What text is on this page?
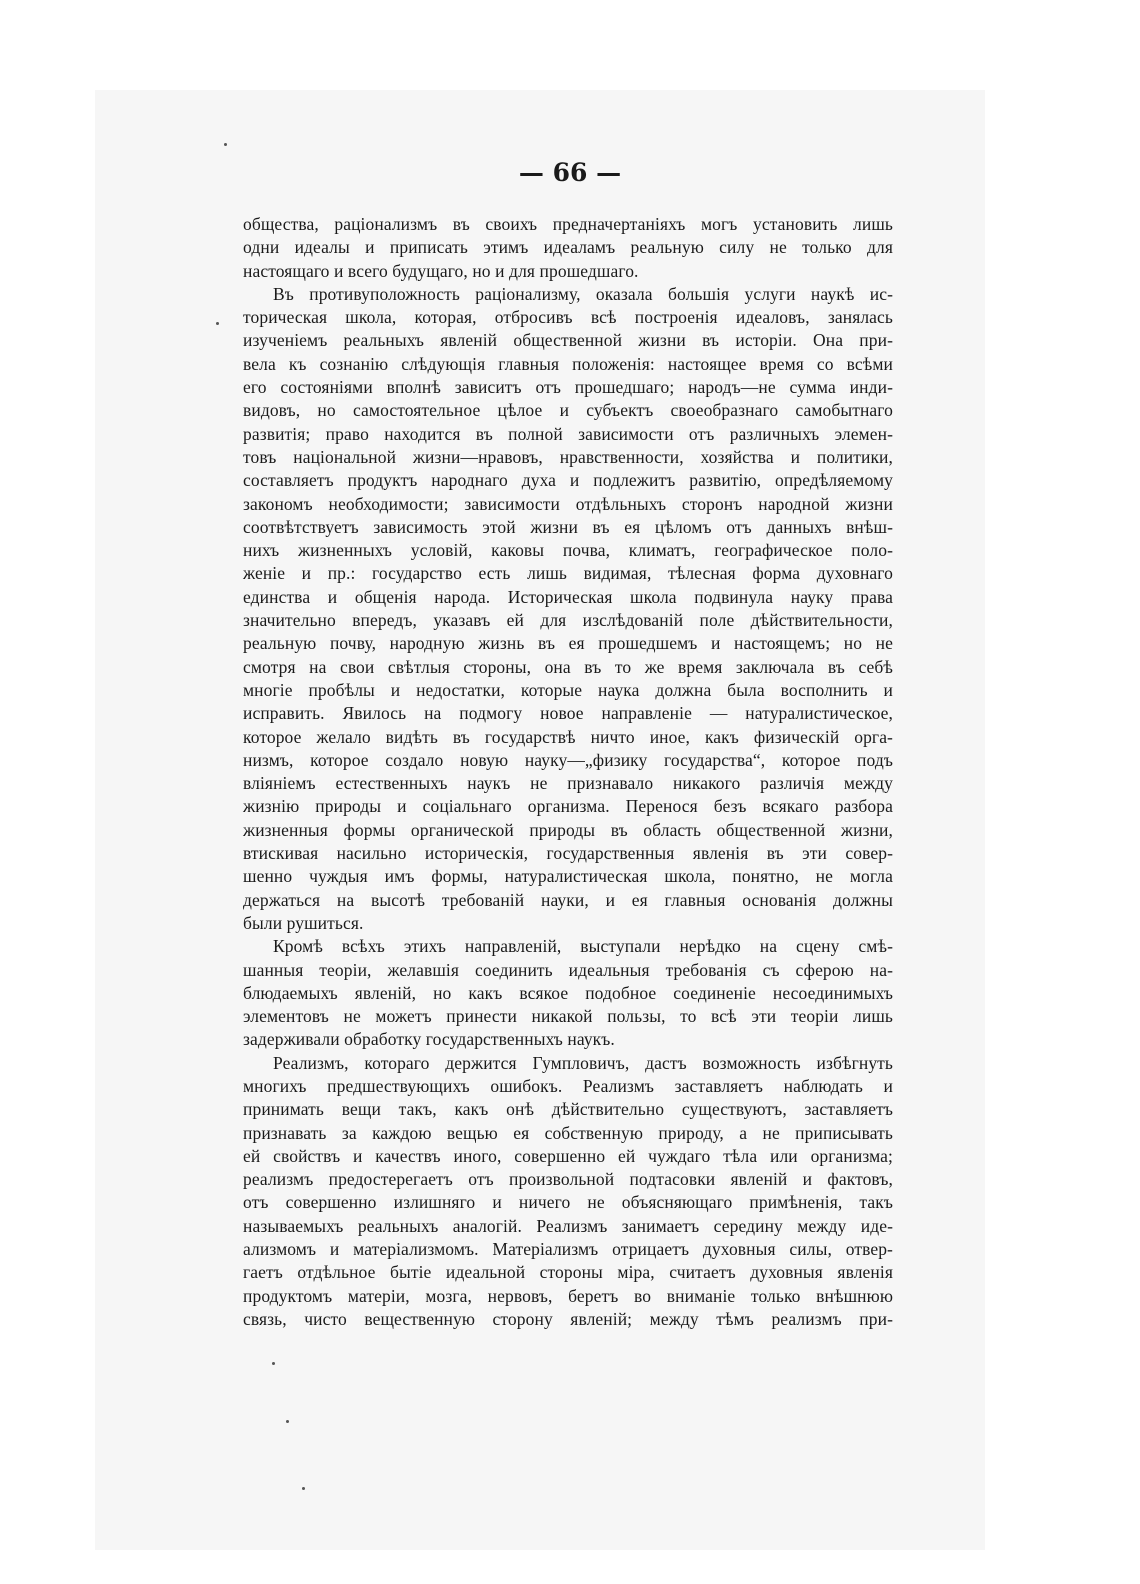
— 66 —
общества, раціонализмъ въ своихъ предначертаніяхъ могъ установить лишь
одни идеалы и приписать этимъ идеаламъ реальную силу не только для
настоящаго и всего будущаго, но и для прошедшаго.
Въ противуположность раціонализму, оказала большія услуги наукѣ ис-
торическая школа, которая, отбросивъ всѣ построенія идеаловъ, занялась
изученіемъ реальныхъ явленій общественной жизни въ исторіи. Она при-
вела къ сознанію слѣдующія главныя положенія: настоящее время со всѣми
его состояніями вполнѣ зависитъ отъ прошедшаго; народъ—не сумма инди-
видовъ, но самостоятельное цѣлое и субъектъ своеобразнаго самобытнаго
развитія; право находится въ полной зависимости отъ различныхъ элемен-
товъ національной жизни—нравовъ, нравственности, хозяйства и политики,
составляетъ продуктъ народнаго духа и подлежитъ развитію, опредѣляемому
закономъ необходимости; зависимости отдѣльныхъ сторонъ народной жизни
соотвѣтствуетъ зависимость этой жизни въ ея цѣломъ отъ данныхъ внѣш-
нихъ жизненныхъ условій, каковы почва, климатъ, географическое поло-
женіе и пр.: государство есть лишь видимая, тѣлесная форма духовнаго
единства и общенія народа. Историческая школа подвинула науку права
значительно впередъ, указавъ ей для изслѣдованій поле дѣйствительности,
реальную почву, народную жизнь въ ея прошедшемъ и настоящемъ; но не
смотря на свои свѣтлыя стороны, она въ то же время заключала въ себѣ
многіе пробѣлы и недостатки, которые наука должна была восполнить и
исправить. Явилось на подмогу новое направленіе — натуралистическое,
которое желало видѣть въ государствѣ ничто иное, какъ физическій орга-
низмъ, которое создало новую науку—„физику государства“, которое подъ
вліяніемъ естественныхъ наукъ не признавало никакого различія между
жизнію природы и соціальнаго организма. Перенося безъ всякаго разбора
жизненныя формы органической природы въ область общественной жизни,
втискивая насильно историческія, государственныя явленія въ эти совер-
шенно чуждыя имъ формы, натуралистическая школа, понятно, не могла
держаться на высотѣ требованій науки, и ея главныя основанія должны
были рушиться.
Кромѣ всѣхъ этихъ направленій, выступали нерѣдко на сцену смѣ-
шанныя теоріи, желавшія соединить идеальныя требованія съ сферою на-
блюдаемыхъ явленій, но какъ всякое подобное соединеніе несоединимыхъ
элементовъ не можетъ принести никакой пользы, то всѣ эти теоріи лишь
задерживали обработку государственныхъ наукъ.
Реализмъ, котораго держится Гумпловичъ, дастъ возможность избѣгнуть
многихъ предшествующихъ ошибокъ. Реализмъ заставляетъ наблюдать и
принимать вещи такъ, какъ онѣ дѣйствительно существуютъ, заставляетъ
признавать за каждою вещью ея собственную природу, а не приписывать
ей свойствъ и качествъ иного, совершенно ей чуждаго тѣла или организма;
реализмъ предостерегаетъ отъ произвольной подтасовки явленій и фактовъ,
отъ совершенно излишняго и ничего не объясняющаго примѣненія, такъ
называемыхъ реальныхъ аналогій. Реализмъ занимаетъ середину между иде-
ализмомъ и матеріализмомъ. Матеріализмъ отрицаетъ духовныя силы, отвер-
гаетъ отдѣльное бытіе идеальной стороны міра, считаетъ духовныя явленія
продуктомъ матеріи, мозга, нервовъ, беретъ во вниманіе только внѣшнюю
связь, чисто вещественную сторону явленій; между тѣмъ реализмъ при-
